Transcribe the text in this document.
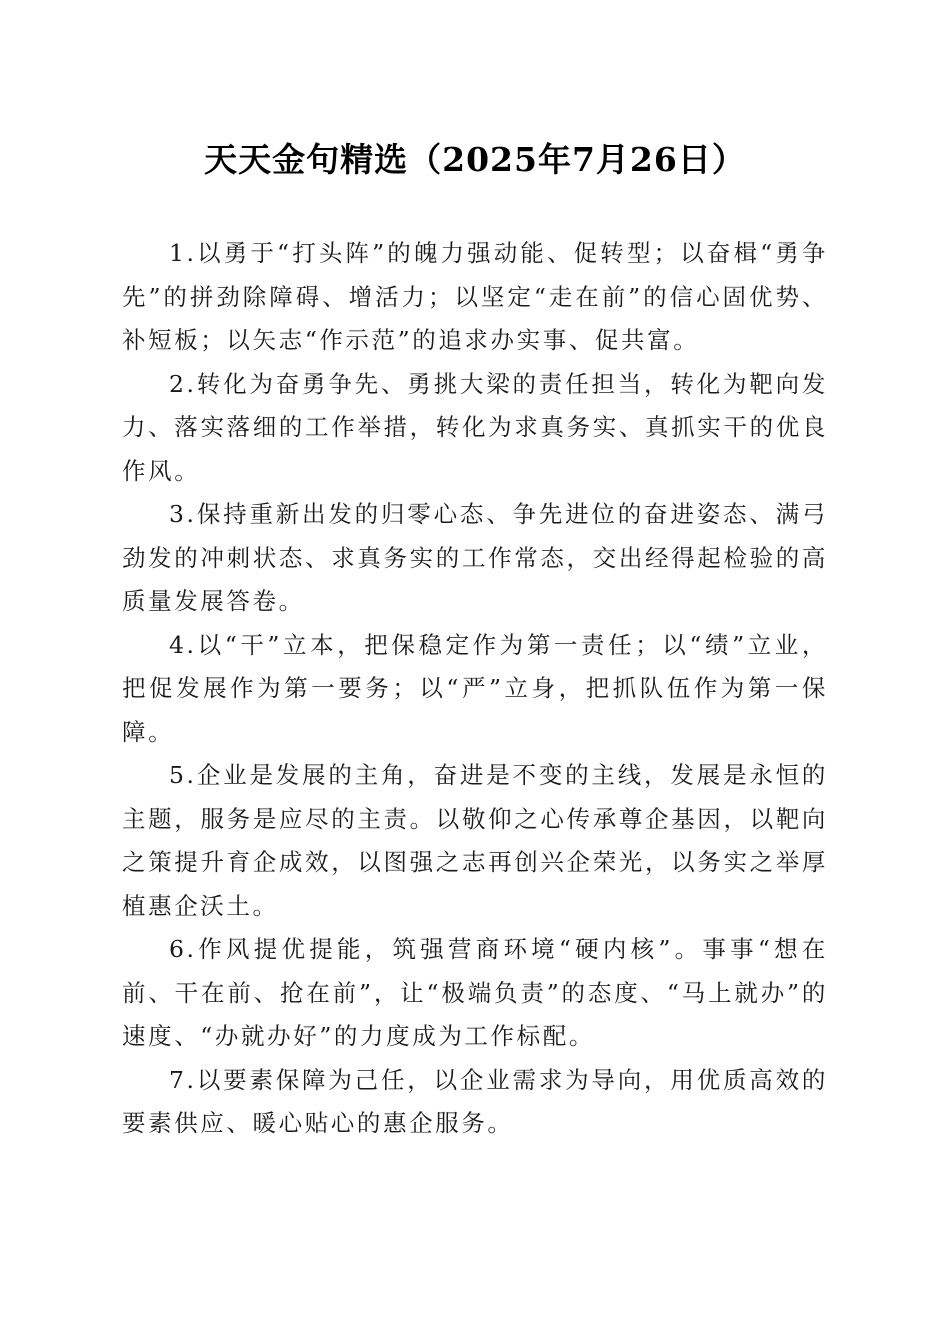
天天金句精选（2025年7月26日）

1.以勇于“打头阵”的魄力强动能、促转型；以奋楫“勇争先”的拼劲除障碍、增活力；以坚定“走在前”的信心固优势、补短板；以矢志“作示范”的追求办实事、促共富。

2.转化为奋勇争先、勇挑大梁的责任担当，转化为靶向发力、落实落细的工作举措，转化为求真务实、真抓实干的优良作风。

3.保持重新出发的归零心态、争先进位的奋进姿态、满弓劲发的冲刺状态、求真务实的工作常态，交出经得起检验的高质量发展答卷。

4.以“干”立本，把保稳定作为第一责任；以“绩”立业，把促发展作为第一要务；以“严”立身，把抓队伍作为第一保障。

5.企业是发展的主角，奋进是不变的主线，发展是永恒的主题，服务是应尽的主责。以敬仰之心传承尊企基因，以靶向之策提升育企成效，以图强之志再创兴企荣光，以务实之举厚植惠企沃土。

6.作风提优提能，筑强营商环境“硬内核”。事事“想在前、干在前、抢在前”，让“极端负责”的态度、“马上就办”的速度、“办就办好”的力度成为工作标配。

7.以要素保障为己任，以企业需求为导向，用优质高效的要素供应、暖心贴心的惠企服务。
